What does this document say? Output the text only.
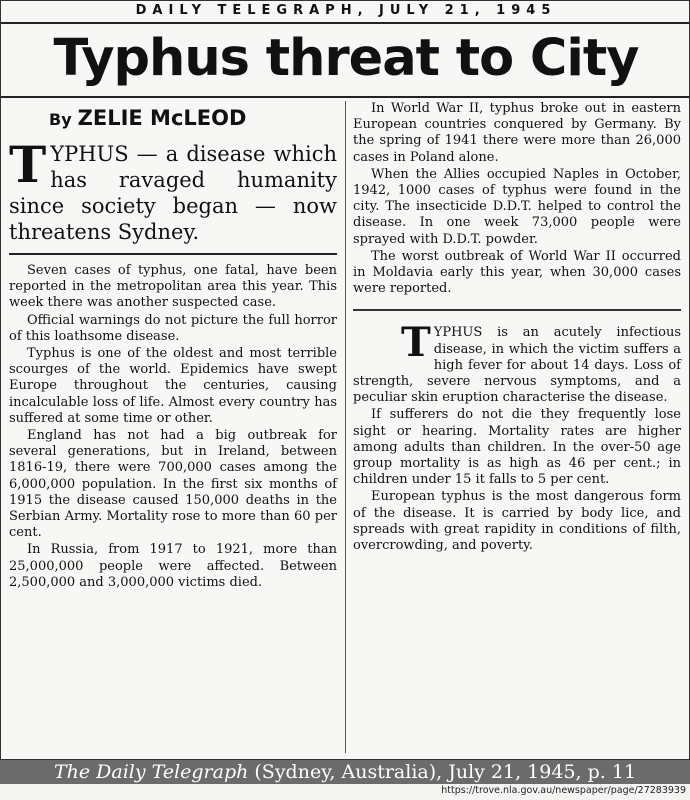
DAILY TELEGRAPH, JULY 21, 1945
Typhus threat to City
By ZELIE McLEOD
TYPHUS — a disease which has ravaged humanity since society began — now threatens Sydney.

Seven cases of typhus, one fatal, have been reported in the metropolitan area this year. This week there was another suspected case.

Official warnings do not picture the full horror of this loathsome disease.

Typhus is one of the oldest and most terrible scourges of the world. Epidemics have swept Europe throughout the centuries, causing incalculable loss of life. Almost every country has suffered at some time or other.

England has not had a big outbreak for several generations, but in Ireland, between 1816-19, there were 700,000 cases among the 6,000,000 population. In the first six months of 1915 the disease caused 150,000 deaths in the Serbian Army. Mortality rose to more than 60 per cent.

In Russia, from 1917 to 1921, more than 25,000,000 people were affected. Between 2,500,000 and 3,000,000 victims died.

In World War II, typhus broke out in eastern European countries conquered by Germany. By the spring of 1941 there were more than 26,000 cases in Poland alone.

When the Allies occupied Naples in October, 1942, 1000 cases of typhus were found in the city. The insecticide D.D.T. helped to control the disease. In one week 73,000 people were sprayed with D.D.T. powder.

The worst outbreak of World War II occurred in Moldavia early this year, when 30,000 cases were reported.

TYPHUS is an acutely infectious disease, in which the victim suffers a high fever for about 14 days. Loss of strength, severe nervous symptoms, and a peculiar skin eruption characterise the disease.

If sufferers do not die they frequently lose sight or hearing. Mortality rates are higher among adults than children. In the over-50 age group mortality is as high as 46 per cent.; in children under 15 it falls to 5 per cent.

European typhus is the most dangerous form of the disease. It is carried by body lice, and spreads with great rapidity in conditions of filth, overcrowding, and poverty.

The Daily Telegraph (Sydney, Australia), July 21, 1945, p. 11
https://trove.nla.gov.au/newspaper/page/27283939
